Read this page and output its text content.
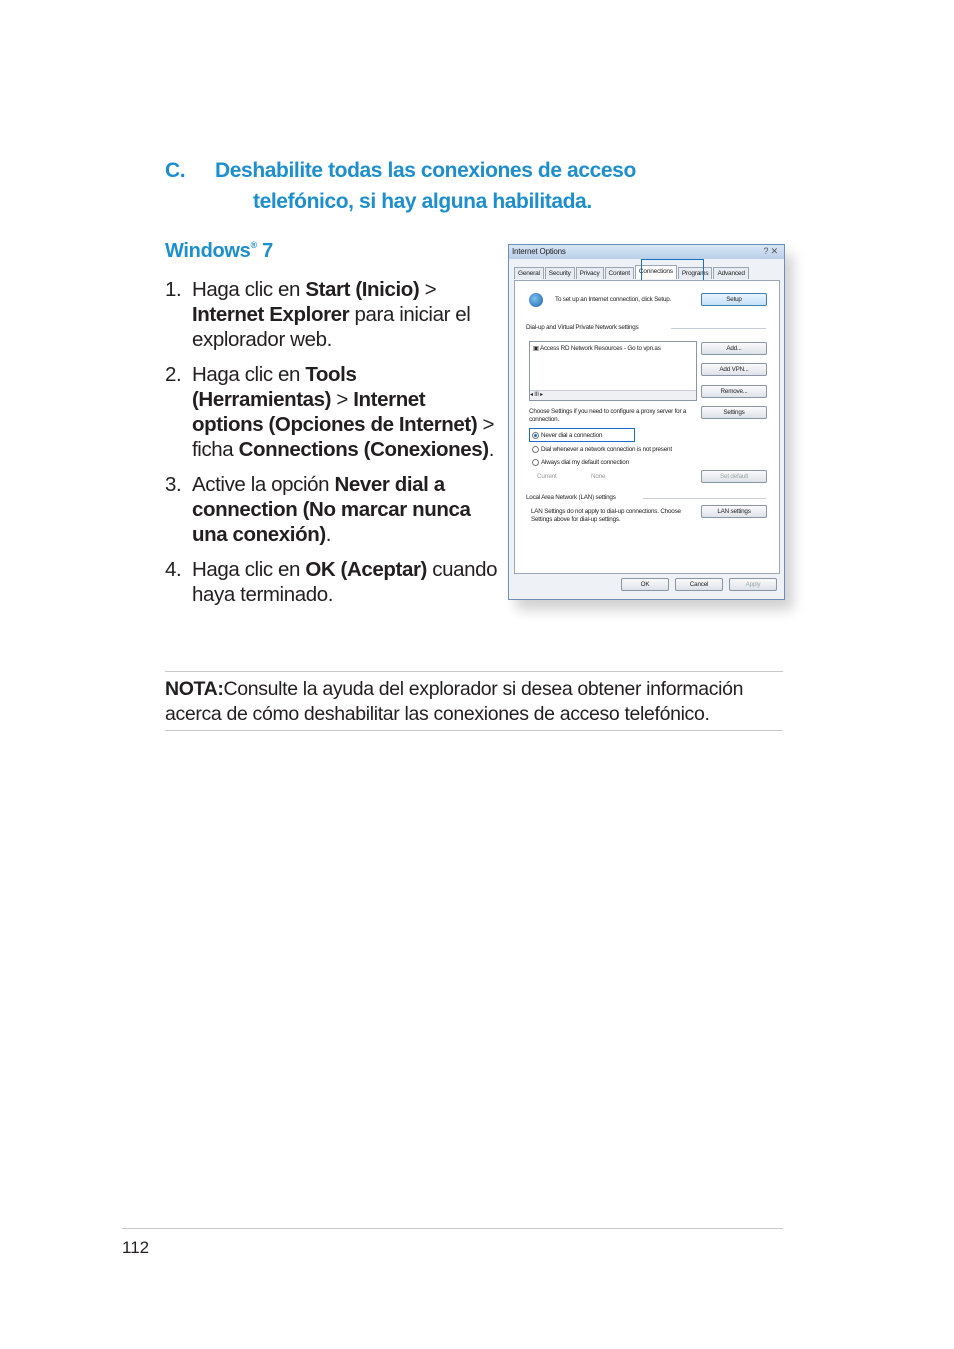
C. Deshabilite todas las conexiones de acceso
telefónico, si hay alguna habilitada.
Windows® 7
1. Haga clic en Start (Inicio) > Internet Explorer para iniciar el explorador web.
2. Haga clic en Tools (Herramientas) > Internet options (Opciones de Internet) > ficha Connections (Conexiones).
3. Active la opción Never dial a connection (No marcar nunca una conexión).
4. Haga clic en OK (Aceptar) cuando haya terminado.
Internet Options	? ✕
General	Security	Privacy	Content	Connections	Programs	Advanced
To set up an Internet connection, click Setup.	Setup
Dial-up and Virtual Private Network settings
▣ Access RD Network Resources - Go to vpn.as
◂ III ▸
Add...
Add VPN...
Remove...
Choose Settings if you need to configure a proxy server for a connection.
Settings
Never dial a connection
Dial whenever a network connection is not present
Always dial my default connection
Current	None	Set default
Local Area Network (LAN) settings
LAN Settings do not apply to dial-up connections. Choose Settings above for dial-up settings.
LAN settings
OK	Cancel	Apply
NOTA:Consulte la ayuda del explorador si desea obtener información acerca de cómo deshabilitar las conexiones de acceso telefónico.
112
